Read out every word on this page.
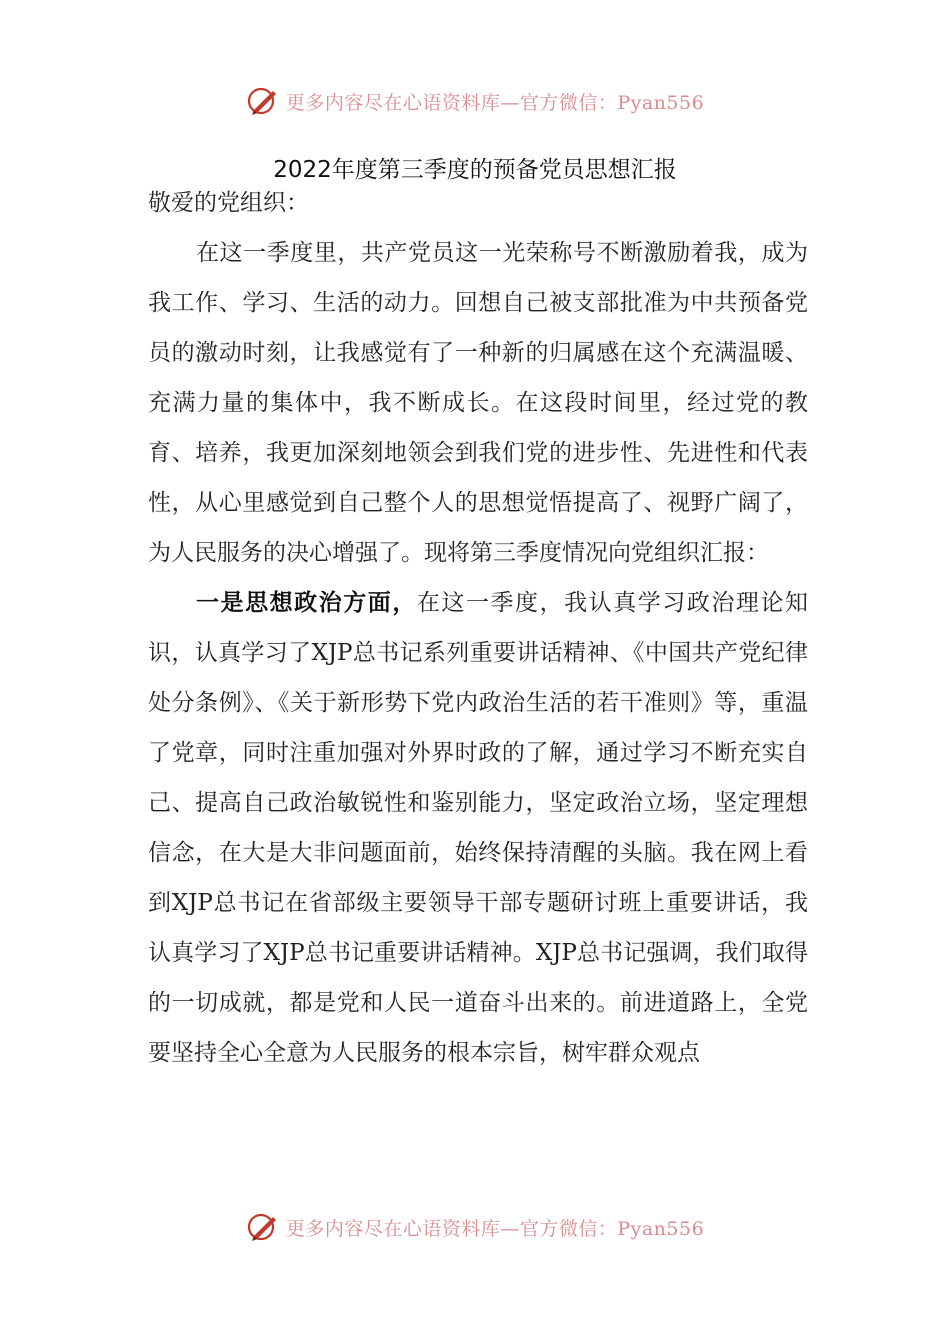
更多内容尽在心语资料库—官方微信：Pyan556
2022年度第三季度的预备党员思想汇报

敬爱的党组织：

在这一季度里，共产党员这一光荣称号不断激励着我，成为我工作、学习、生活的动力。回想自己被支部批准为中共预备党员的激动时刻，让我感觉有了一种新的归属感在这个充满温暖、充满力量的集体中，我不断成长。在这段时间里，经过党的教育、培养，我更加深刻地领会到我们党的进步性、先进性和代表性，从心里感觉到自己整个人的思想觉悟提高了、视野广阔了，为人民服务的决心增强了。现将第三季度情况向党组织汇报：

一是思想政治方面，在这一季度，我认真学习政治理论知识，认真学习了XJP总书记系列重要讲话精神、《中国共产党纪律处分条例》、《关于新形势下党内政治生活的若干准则》等，重温了党章，同时注重加强对外界时政的了解，通过学习不断充实自己、提高自己政治敏锐性和鉴别能力，坚定政治立场，坚定理想信念，在大是大非问题面前，始终保持清醒的头脑。我在网上看到XJP总书记在省部级主要领导干部专题研讨班上重要讲话，我认真学习了XJP总书记重要讲话精神。XJP总书记强调，我们取得的一切成就，都是党和人民一道奋斗出来的。前进道路上，全党要坚持全心全意为人民服务的根本宗旨，树牢群众观点

更多内容尽在心语资料库—官方微信：Pyan556
